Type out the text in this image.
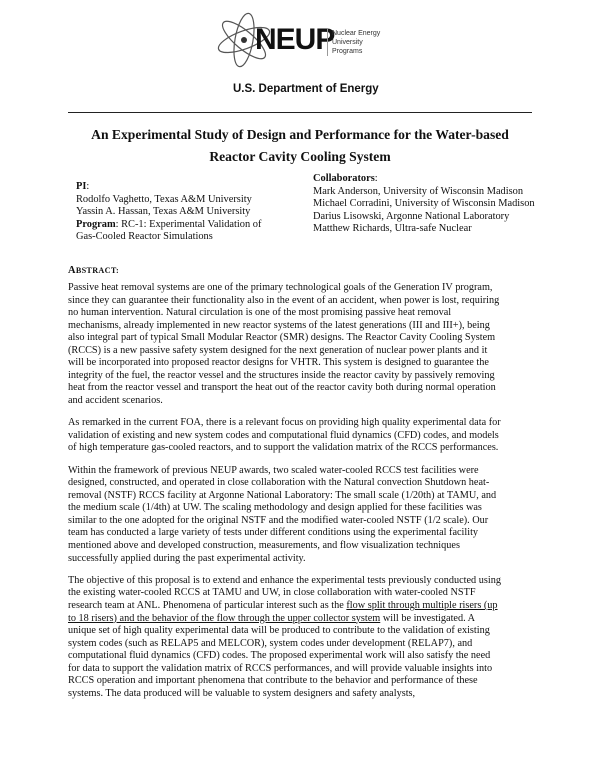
NEUP
Nuclear Energy
University Programs
U.S. Department of Energy
An Experimental Study of Design and Performance for the Water-based
Reactor Cavity Cooling System
PI:
Rodolfo Vaghetto, Texas A&M University
Yassin A. Hassan, Texas A&M University
Program: RC-1: Experimental Validation of
Gas-Cooled Reactor Simulations
Collaborators:
Mark Anderson, University of Wisconsin Madison
Michael Corradini, University of Wisconsin Madison
Darius Lisowski, Argonne National Laboratory
Matthew Richards, Ultra-safe Nuclear
ABSTRACT:

Passive heat removal systems are one of the primary technological goals of the Generation IV program,
since they can guarantee their functionality also in the event of an accident, when power is lost, requiring
no human intervention. Natural circulation is one of the most promising passive heat removal
mechanisms, already implemented in new reactor systems of the latest generations (III and III+), being
also integral part of typical Small Modular Reactor (SMR) designs. The Reactor Cavity Cooling System
(RCCS) is a new passive safety system designed for the next generation of nuclear power plants and it
will be incorporated into proposed reactor designs for VHTR. This system is designed to guarantee the
integrity of the fuel, the reactor vessel and the structures inside the reactor cavity by passively removing
heat from the reactor vessel and transport the heat out of the reactor cavity both during normal operation
and accident scenarios.

As remarked in the current FOA, there is a relevant focus on providing high quality experimental data for
validation of existing and new system codes and computational fluid dynamics (CFD) codes, and models
of high temperature gas-cooled reactors, and to support the validation matrix of the RCCS performances.

Within the framework of previous NEUP awards, two scaled water-cooled RCCS test facilities were
designed, constructed, and operated in close collaboration with the Natural convection Shutdown heat-
removal (NSTF) RCCS facility at Argonne National Laboratory: The small scale (1/20th) at TAMU, and
the medium scale (1/4th) at UW. The scaling methodology and design applied for these facilities was
similar to the one adopted for the original NSTF and the modified water-cooled NSTF (1/2 scale). Our
team has conducted a large variety of tests under different conditions using the experimental facility
mentioned above and developed construction, measurements, and flow visualization techniques
successfully applied during the past experimental activity.

The objective of this proposal is to extend and enhance the experimental tests previously conducted using
the existing water-cooled RCCS at TAMU and UW, in close collaboration with water-cooled NSTF
research team at ANL. Phenomena of particular interest such as the flow split through multiple risers (up
to 18 risers) and the behavior of the flow through the upper collector system will be investigated. A
unique set of high quality experimental data will be produced to contribute to the validation of existing
system codes (such as RELAP5 and MELCOR), system codes under development (RELAP7), and
computational fluid dynamics (CFD) codes. The proposed experimental work will also satisfy the need
for data to support the validation matrix of RCCS performances, and will provide valuable insights into
RCCS operation and important phenomena that contribute to the behavior and performance of these
systems. The data produced will be valuable to system designers and safety analysts,
